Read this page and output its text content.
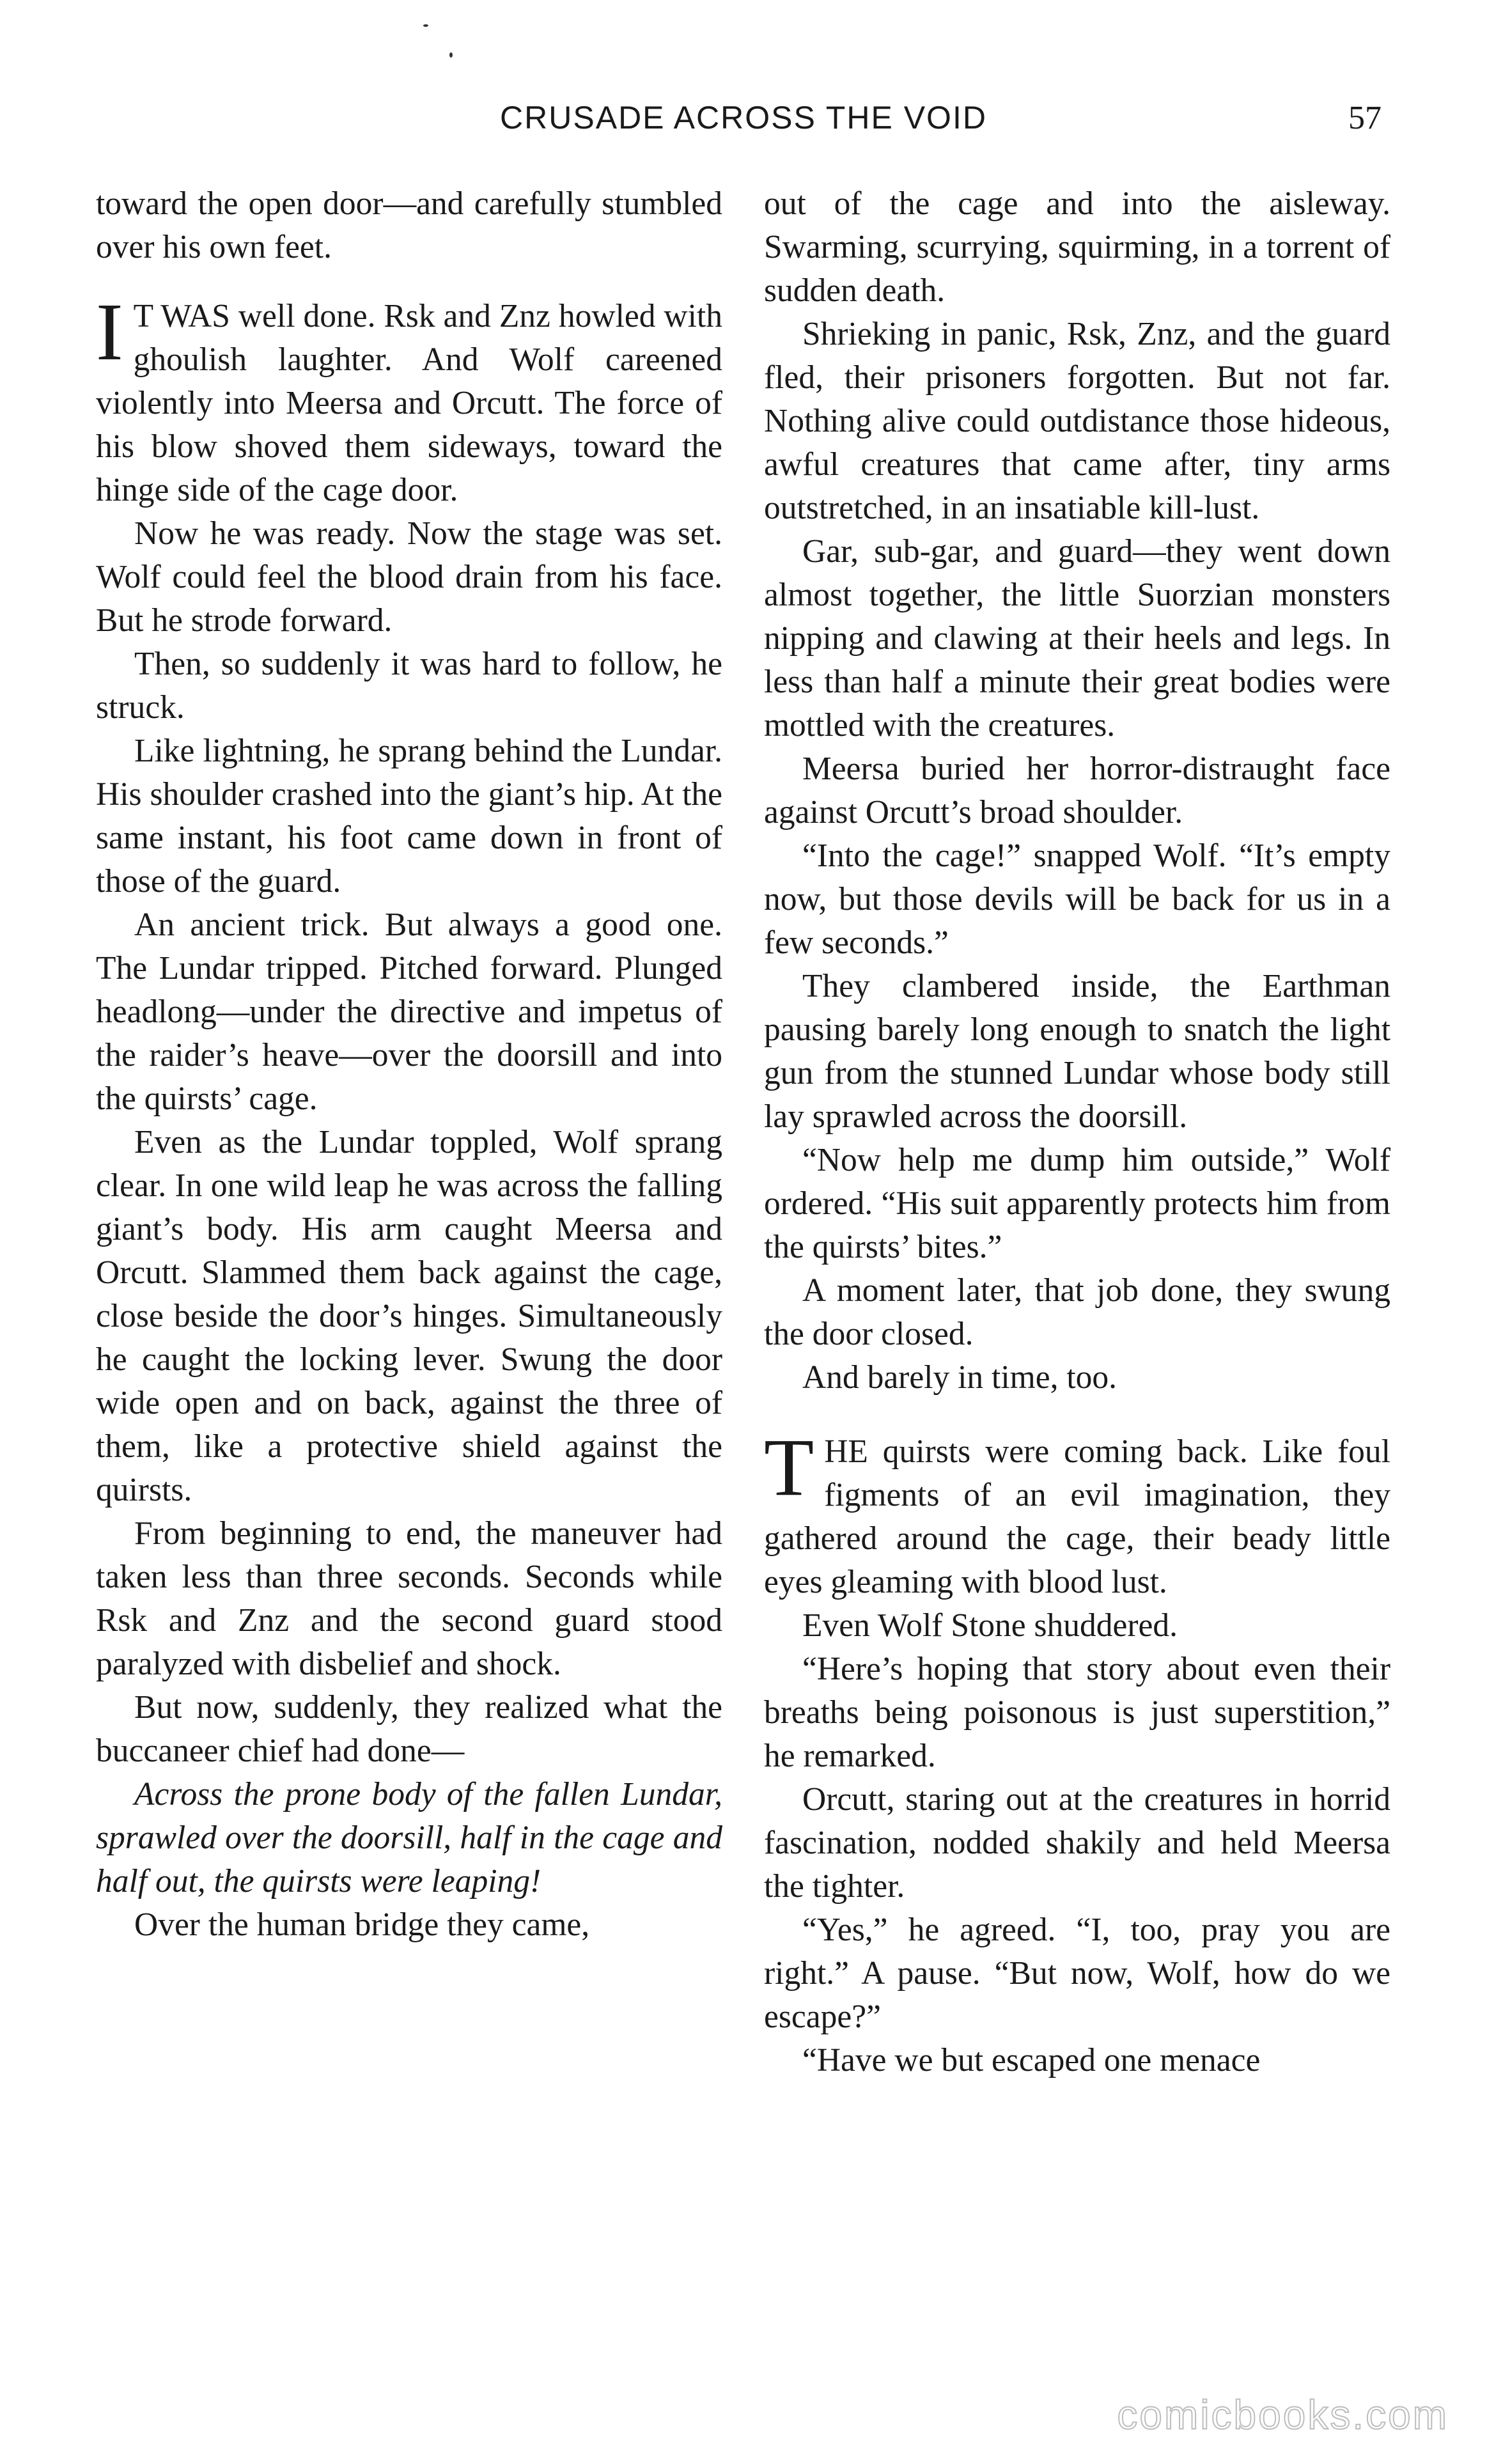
CRUSADE ACROSS THE VOID	57

toward the open door—and carefully stumbled over his own feet.

I T WAS well done. Rsk and Znz howled with ghoulish laughter. And Wolf careened violently into Meersa and Orcutt. The force of his blow shoved them sideways, toward the hinge side of the cage door.

Now he was ready. Now the stage was set. Wolf could feel the blood drain from his face. But he strode forward.

Then, so suddenly it was hard to follow, he struck.

Like lightning, he sprang behind the Lundar. His shoulder crashed into the giant’s hip. At the same instant, his foot came down in front of those of the guard.

An ancient trick. But always a good one. The Lundar tripped. Pitched forward. Plunged headlong—under the directive and impetus of the raider’s heave—over the doorsill and into the quirsts’ cage.

Even as the Lundar toppled, Wolf sprang clear. In one wild leap he was across the falling giant’s body. His arm caught Meersa and Orcutt. Slammed them back against the cage, close beside the door’s hinges. Simultaneously he caught the locking lever. Swung the door wide open and on back, against the three of them, like a protective shield against the quirsts.

From beginning to end, the maneuver had taken less than three seconds. Seconds while Rsk and Znz and the second guard stood paralyzed with disbelief and shock.

But now, suddenly, they realized what the buccaneer chief had done—

Across the prone body of the fallen Lundar, sprawled over the doorsill, half in the cage and half out, the quirsts were leaping!

Over the human bridge they came,

out of the cage and into the aisleway. Swarming, scurrying, squirming, in a torrent of sudden death.

Shrieking in panic, Rsk, Znz, and the guard fled, their prisoners forgotten. But not far. Nothing alive could outdistance those hideous, awful creatures that came after, tiny arms outstretched, in an insatiable kill-lust.

Gar, sub-gar, and guard—they went down almost together, the little Suorzian monsters nipping and clawing at their heels and legs. In less than half a minute their great bodies were mottled with the creatures.

Meersa buried her horror-distraught face against Orcutt’s broad shoulder.

“Into the cage!” snapped Wolf. “It’s empty now, but those devils will be back for us in a few seconds.”

They clambered inside, the Earthman pausing barely long enough to snatch the light gun from the stunned Lundar whose body still lay sprawled across the doorsill.

“Now help me dump him outside,” Wolf ordered. “His suit apparently protects him from the quirsts’ bites.”

A moment later, that job done, they swung the door closed.

And barely in time, too.

THE quirsts were coming back. Like foul figments of an evil imagination, they gathered around the cage, their beady little eyes gleaming with blood lust.

Even Wolf Stone shuddered.

“Here’s hoping that story about even their breaths being poisonous is just superstition,” he remarked.

Orcutt, staring out at the creatures in horrid fascination, nodded shakily and held Meersa the tighter.

“Yes,” he agreed. “I, too, pray you are right.” A pause. “But now, Wolf, how do we escape?”

“Have we but escaped one menace

comicbooks.com
